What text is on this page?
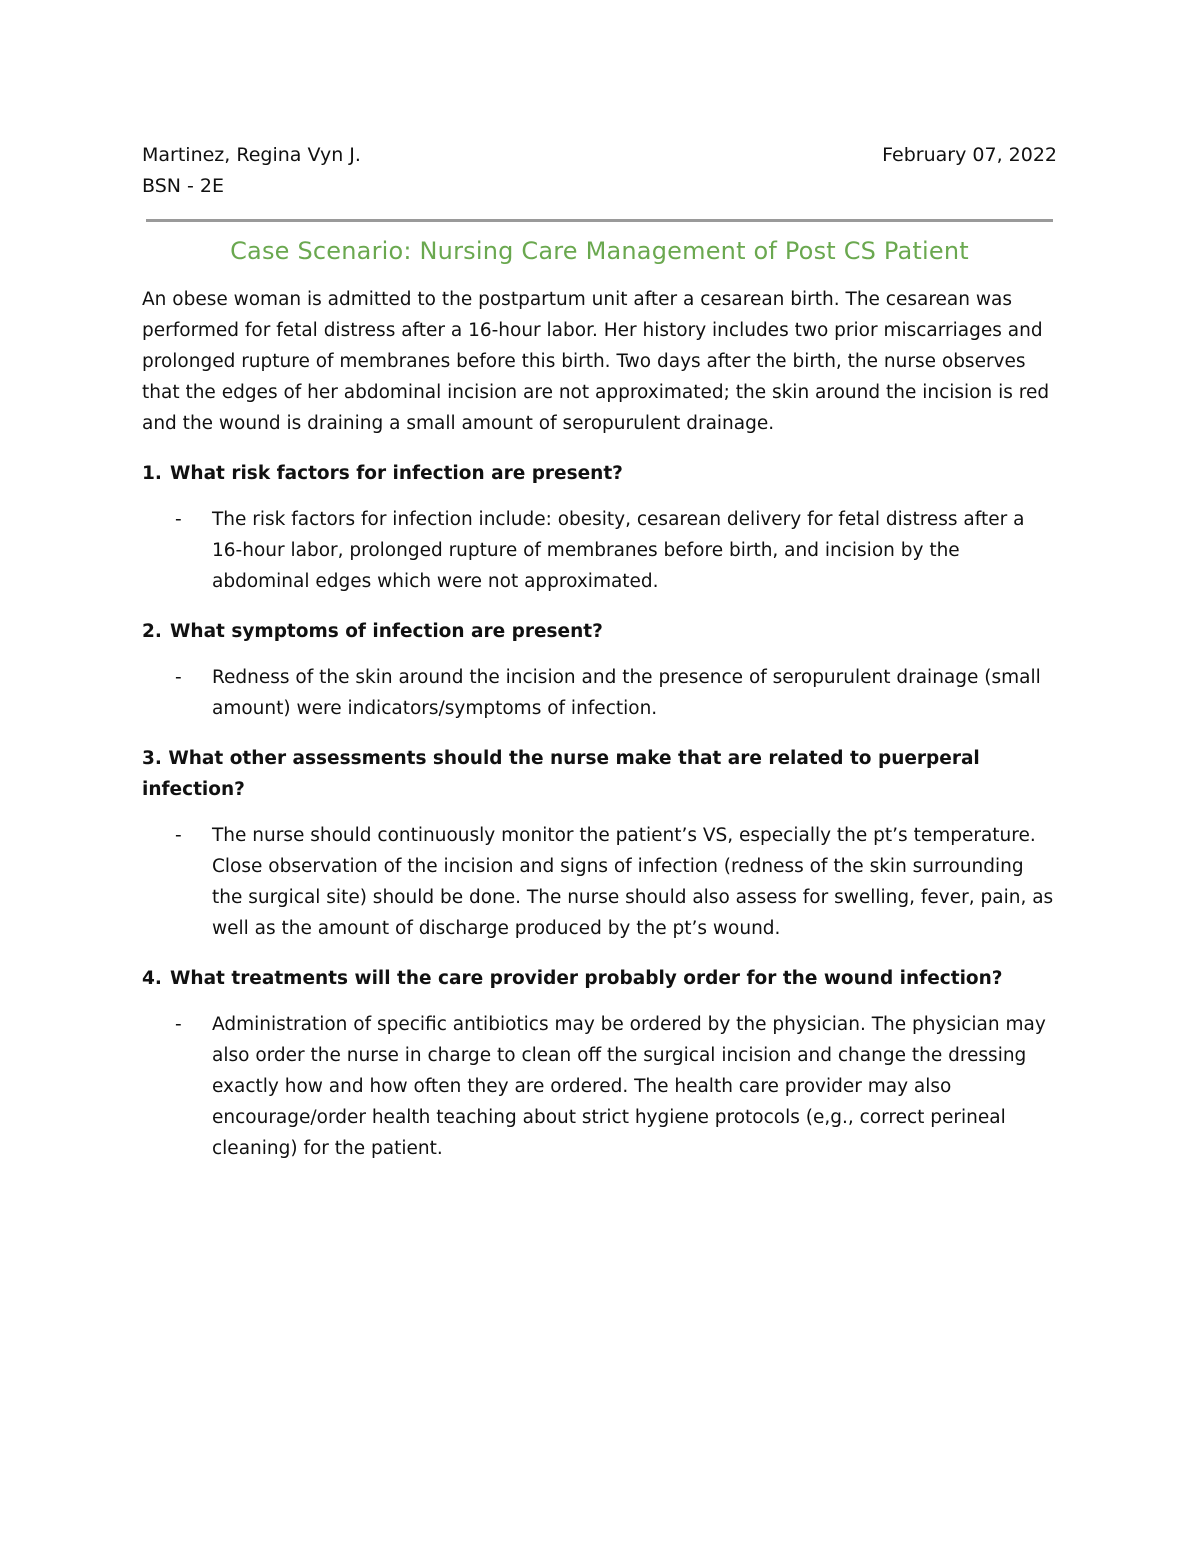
Martinez, Regina Vyn J.	February 07, 2022
BSN - 2E
Case Scenario: Nursing Care Management of Post CS Patient

An obese woman is admitted to the postpartum unit after a cesarean birth. The cesarean was performed for fetal distress after a 16-hour labor. Her history includes two prior miscarriages and prolonged rupture of membranes before this birth. Two days after the birth, the nurse observes that the edges of her abdominal incision are not approximated; the skin around the incision is red and the wound is draining a small amount of seropurulent drainage.

1. What risk factors for infection are present?
-	The risk factors for infection include: obesity, cesarean delivery for fetal distress after a 16-hour labor, prolonged rupture of membranes before birth, and incision by the abdominal edges which were not approximated.
2. What symptoms of infection are present?
-	Redness of the skin around the incision and the presence of seropurulent drainage (small amount) were indicators/symptoms of infection.
3. What other assessments should the nurse make that are related to puerperal infection?
-	The nurse should continuously monitor the patient’s VS, especially the pt’s temperature. Close observation of the incision and signs of infection (redness of the skin surrounding the surgical site) should be done. The nurse should also assess for swelling, fever, pain, as well as the amount of discharge produced by the pt’s wound.
4. What treatments will the care provider probably order for the wound infection?
-	Administration of specific antibiotics may be ordered by the physician. The physician may also order the nurse in charge to clean off the surgical incision and change the dressing exactly how and how often they are ordered. The health care provider may also encourage/order health teaching about strict hygiene protocols (e,g., correct perineal cleaning) for the patient.
